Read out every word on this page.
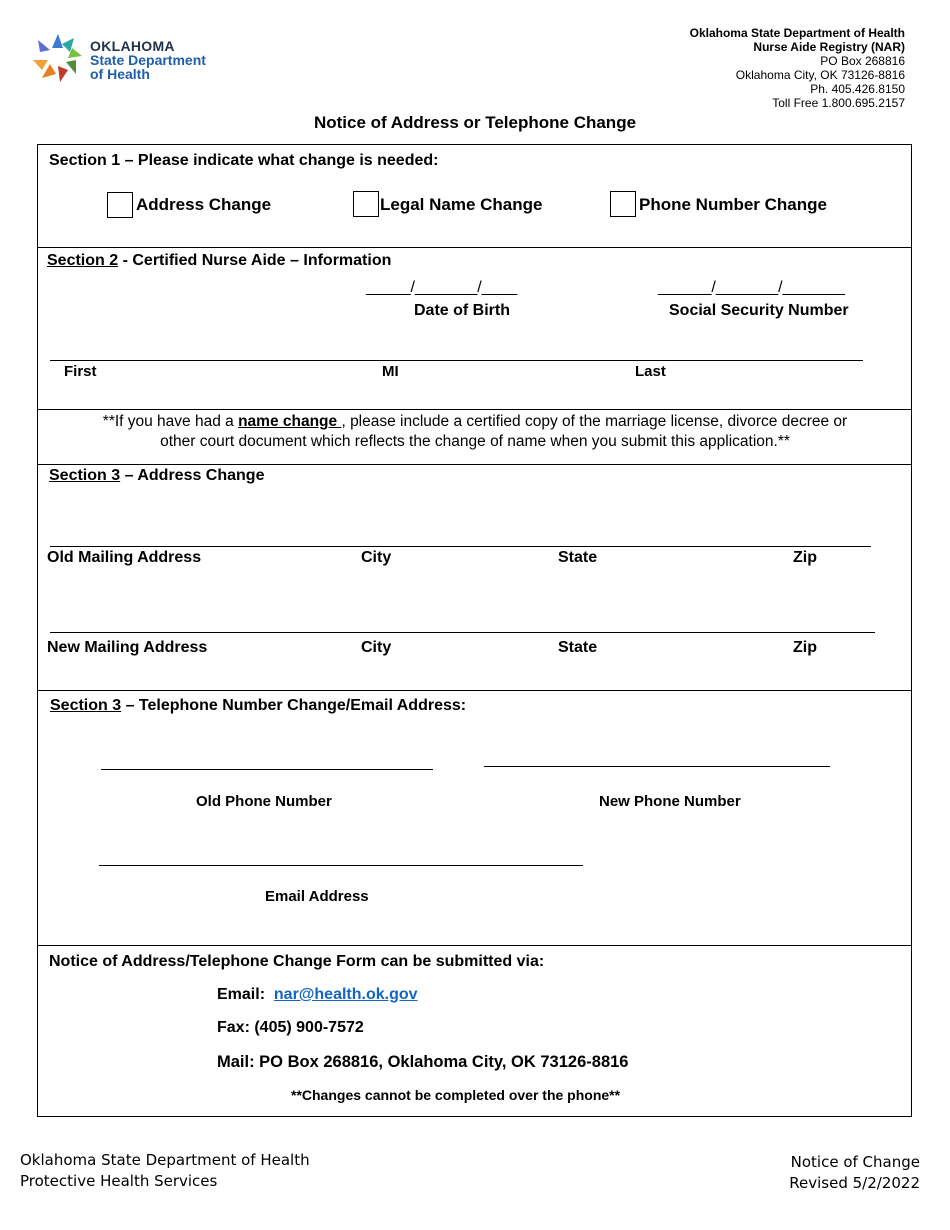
OKLAHOMA
State Department
of Health
Oklahoma State Department of Health
Nurse Aide Registry (NAR)
PO Box 268816
Oklahoma City, OK 73126-8816
Ph. 405.426.8150
Toll Free 1.800.695.2157
Notice of Address or Telephone Change
Section 1 – Please indicate what change is needed:
Address Change	Legal Name Change	Phone Number Change
Section 2 - Certified Nurse Aide – Information
_____/_______/____
Date of Birth
______/_______/_______
Social Security Number
First	MI	Last
**If you have had a name change , please include a certified copy of the marriage license, divorce decree or
other court document which reflects the change of name when you submit this application.**
Section 3 – Address Change
Old Mailing Address	City	State	Zip
New Mailing Address	City	State	Zip
Section 3 – Telephone Number Change/Email Address:
Old Phone Number	New Phone Number
Email Address
Notice of Address/Telephone Change Form can be submitted via:
Email: nar@health.ok.gov
Fax: (405) 900-7572
Mail: PO Box 268816, Oklahoma City, OK 73126-8816
**Changes cannot be completed over the phone**
Oklahoma State Department of Health
Protective Health Services
Notice of Change
Revised 5/2/2022
